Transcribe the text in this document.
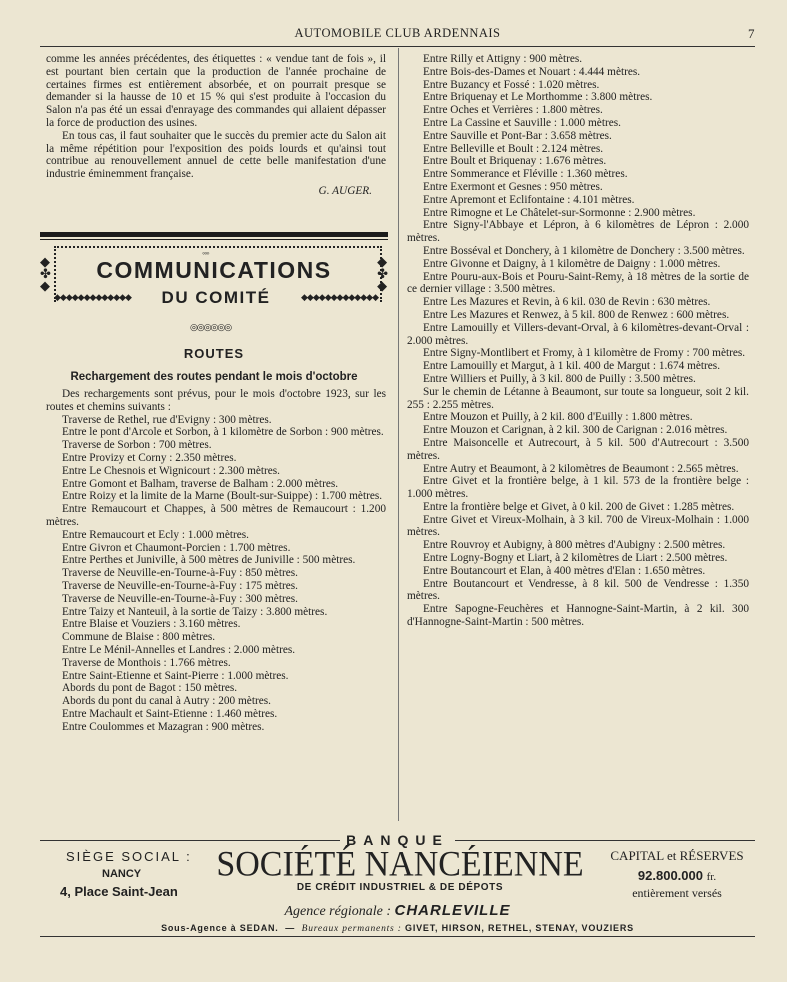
AUTOMOBILE CLUB ARDENNAIS	7

comme les années précédentes, des étiquettes : « vendue tant de fois », il est pourtant bien certain que la production de l'année prochaine de certaines firmes est entièrement absorbée, et on pourrait presque se demander si la hausse de 10 et 15 % qui s'est produite à l'occasion du Salon n'a pas été un essai d'enrayage des commandes qui allaient dépasser la force de production des usines.

En tous cas, il faut souhaiter que le succès du premier acte du Salon ait la même répétition pour l'exposition des poids lourds et qu'ainsi tout contribue au renouvellement annuel de cette belle manifestation d'une industrie éminemment française.

G. AUGER.

◦◦◦
◆
✤
◆
◆
✤
◆
COMMUNICATIONS
◆◆◆◆◆◆◆◆◆◆◆◆◆	DU COMITÉ	◆◆◆◆◆◆◆◆◆◆◆◆◆
◎◎◎◎◎◎
ROUTES
Rechargement des routes pendant le mois d'octobre

Des rechargements sont prévus, pour le mois d'octobre 1923, sur les routes et chemins suivants :

Traverse de Rethel, rue d'Evigny : 300 mètres.

Entre le pont d'Arcole et Sorbon, à 1 kilomètre de Sorbon : 900 mètres.

Traverse de Sorbon : 700 mètres.

Entre Provizy et Corny : 2.350 mètres.

Entre Le Chesnois et Wignicourt : 2.300 mètres.

Entre Gomont et Balham, traverse de Balham : 2.000 mètres.

Entre Roizy et la limite de la Marne (Boult-sur-Suippe) : 1.700 mètres.

Entre Remaucourt et Chappes, à 500 mètres de Remaucourt : 1.200 mètres.

Entre Remaucourt et Ecly : 1.000 mètres.

Entre Givron et Chaumont-Porcien : 1.700 mètres.

Entre Perthes et Juniville, à 500 mètres de Juniville : 500 mètres.

Traverse de Neuville-en-Tourne-à-Fuy : 850 mètres.

Traverse de Neuville-en-Tourne-à-Fuy : 175 mètres.

Traverse de Neuville-en-Tourne-à-Fuy : 300 mètres.

Entre Taizy et Nanteuil, à la sortie de Taizy : 3.800 mètres.

Entre Blaise et Vouziers : 3.160 mètres.

Commune de Blaise : 800 mètres.

Entre Le Ménil-Annelles et Landres : 2.000 mètres.

Traverse de Monthois : 1.766 mètres.

Entre Saint-Etienne et Saint-Pierre : 1.000 mètres.

Abords du pont de Bagot : 150 mètres.

Abords du pont du canal à Autry : 200 mètres.

Entre Machault et Saint-Etienne : 1.460 mètres.

Entre Coulommes et Mazagran : 900 mètres.

Entre Rilly et Attigny : 900 mètres.

Entre Bois-des-Dames et Nouart : 4.444 mètres.

Entre Buzancy et Fossé : 1.020 mètres.

Entre Briquenay et Le Morthomme : 3.800 mètres.

Entre Oches et Verrières : 1.800 mètres.

Entre La Cassine et Sauville : 1.000 mètres.

Entre Sauville et Pont-Bar : 3.658 mètres.

Entre Belleville et Boult : 2.124 mètres.

Entre Boult et Briquenay : 1.676 mètres.

Entre Sommerance et Fléville : 1.360 mètres.

Entre Exermont et Gesnes : 950 mètres.

Entre Apremont et Eclifontaine : 4.101 mètres.

Entre Rimogne et Le Châtelet-sur-Sormonne : 2.900 mètres.

Entre Signy-l'Abbaye et Lépron, à 6 kilomètres de Lépron : 2.000 mètres.

Entre Bosséval et Donchery, à 1 kilomètre de Donchery : 3.500 mètres.

Entre Givonne et Daigny, à 1 kilomètre de Daigny : 1.000 mètres.

Entre Pouru-aux-Bois et Pouru-Saint-Remy, à 18 mètres de la sortie de ce dernier village : 3.500 mètres.

Entre Les Mazures et Revin, à 6 kil. 030 de Revin : 630 mètres.

Entre Les Mazures et Renwez, à 5 kil. 800 de Renwez : 600 mètres.

Entre Lamouilly et Villers-devant-Orval, à 6 kilomètres-devant-Orval : 2.000 mètres.

Entre Signy-Montlibert et Fromy, à 1 kilomètre de Fromy : 700 mètres.

Entre Lamouilly et Margut, à 1 kil. 400 de Margut : 1.674 mètres.

Entre Williers et Puilly, à 3 kil. 800 de Puilly : 3.500 mètres.

Sur le chemin de Létanne à Beaumont, sur toute sa longueur, soit 2 kil. 255 : 2.255 mètres.

Entre Mouzon et Puilly, à 2 kil. 800 d'Euilly : 1.800 mètres.

Entre Mouzon et Carignan, à 2 kil. 300 de Carignan : 2.016 mètres.

Entre Maisoncelle et Autrecourt, à 5 kil. 500 d'Autrecourt : 3.500 mètres.

Entre Autry et Beaumont, à 2 kilomètres de Beaumont : 2.565 mètres.

Entre Givet et la frontière belge, à 1 kil. 573 de la frontière belge : 1.000 mètres.

Entre la frontière belge et Givet, à 0 kil. 200 de Givet : 1.285 mètres.

Entre Givet et Vireux-Molhain, à 3 kil. 700 de Vireux-Molhain : 1.000 mètres.

Entre Rouvroy et Aubigny, à 800 mètres d'Aubigny : 2.500 mètres.

Entre Logny-Bogny et Liart, à 2 kilomètres de Liart : 2.500 mètres.

Entre Boutancourt et Elan, à 400 mètres d'Elan : 1.650 mètres.

Entre Boutancourt et Vendresse, à 8 kil. 500 de Vendresse : 1.350 mètres.

Entre Sapogne-Feuchères et Hannogne-Saint-Martin, à 2 kil. 300 d'Hannogne-Saint-Martin : 500 mètres.

BANQUE
SIÈGE SOCIAL :
NANCY
4, Place Saint-Jean
SOCIÉTÉ NANCÉIENNE
DE CRÉDIT INDUSTRIEL & DE DÉPOTS
CAPITAL et RÉSERVES
92.800.000 fr.
entièrement versés
Agence régionale : CHARLEVILLE
Sous-Agence à SEDAN.  —  Bureaux permanents : GIVET, HIRSON, RETHEL, STENAY, VOUZIERS
